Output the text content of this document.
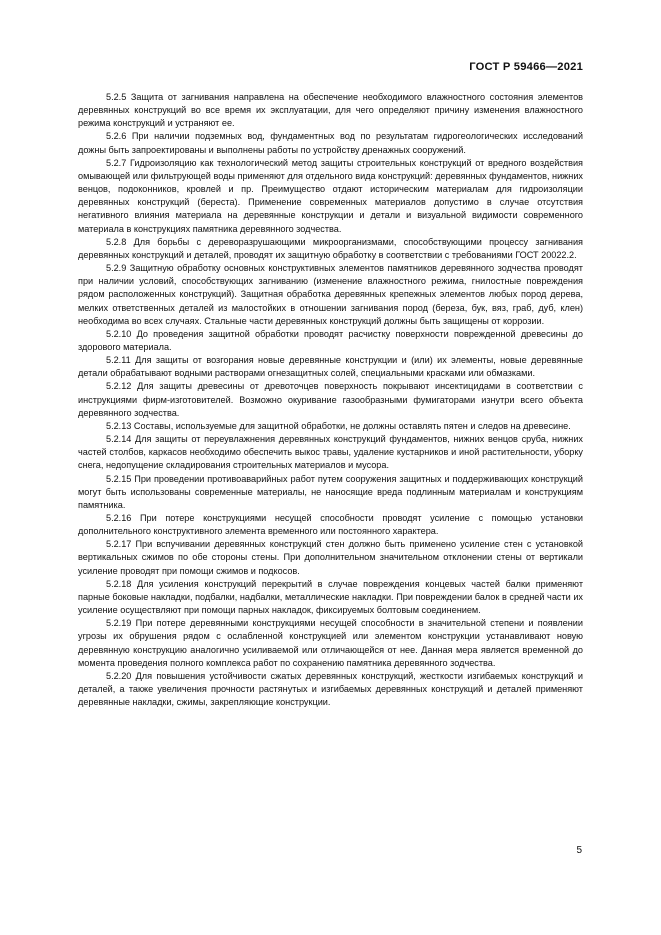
ГОСТ Р 59466—2021

5.2.5 Защита от загнивания направлена на обеспечение необходимого влажностного состояния элементов деревянных конструкций во все время их эксплуатации, для чего определяют причину изменения влажностного режима конструкций и устраняют ее.

5.2.6 При наличии подземных вод, фундаментных вод по результатам гидрогеологических исследований дожны быть запроектированы и выполнены работы по устройству дренажных сооружений.

5.2.7 Гидроизоляцию как технологический метод защиты строительных конструкций от вредного воздействия омывающей или фильтрующей воды применяют для отдельного вида конструкций: деревянных фундаментов, нижних венцов, подоконников, кровлей и пр. Преимущество отдают историческим материалам для гидроизоляции деревянных конструкций (береста). Применение современных материалов допустимо в случае отсутствия негативного влияния материала на деревянные конструкции и детали и визуальной видимости современного материала в конструкциях памятника деревянного зодчества.

5.2.8 Для борьбы с дереворазрушающими микроорганизмами, способствующими процессу загнивания деревянных конструкций и деталей, проводят их защитную обработку в соответствии с требованиями ГОСТ 20022.2.

5.2.9 Защитную обработку основных конструктивных элементов памятников деревянного зодчества проводят при наличии условий, способствующих загниванию (изменение влажностного режима, гнилостные повреждения рядом расположенных конструкций). Защитная обработка деревянных крепежных элементов любых пород дерева, мелких ответственных деталей из малостойких в отношении загнивания пород (береза, бук, вяз, граб, дуб, клен) необходима во всех случаях. Стальные части деревянных конструкций должны быть защищены от коррозии.

5.2.10 До проведения защитной обработки проводят расчистку поверхности поврежденной древесины до здорового материала.

5.2.11 Для защиты от возгорания новые деревянные конструкции и (или) их элементы, новые деревянные детали обрабатывают водными растворами огнезащитных солей, специальными красками или обмазками.

5.2.12 Для защиты древесины от древоточцев поверхность покрывают инсектицидами в соответствии с инструкциями фирм-изготовителей. Возможно окуривание газообразными фумигаторами изнутри всего объекта деревянного зодчества.

5.2.13 Составы, используемые для защитной обработки, не должны оставлять пятен и следов на древесине.

5.2.14 Для защиты от переувлажнения деревянных конструкций фундаментов, нижних венцов сруба, нижних частей столбов, каркасов необходимо обеспечить выкос травы, удаление кустарников и иной растительности, уборку снега, недопущение складирования строительных материалов и мусора.

5.2.15 При проведении противоаварийных работ путем сооружения защитных и поддерживающих конструкций могут быть использованы современные материалы, не наносящие вреда подлинным материалам и конструкциям памятника.

5.2.16 При потере конструкциями несущей способности проводят усиление с помощью установки дополнительного конструктивного элемента временного или постоянного характера.

5.2.17 При вспучивании деревянных конструкций стен должно быть применено усиление стен с установкой вертикальных сжимов по обе стороны стены. При дополнительном значительном отклонении стены от вертикали усиление проводят при помощи сжимов и подкосов.

5.2.18 Для усиления конструкций перекрытий в случае повреждения концевых частей балки применяют парные боковые накладки, подбалки, надбалки, металлические накладки. При повреждении балок в средней части их усиление осуществляют при помощи парных накладок, фиксируемых болтовым соединением.

5.2.19 При потере деревянными конструкциями несущей способности в значительной степени и появлении угрозы их обрушения рядом с ослабленной конструкцией или элементом конструкции устанавливают новую деревянную конструкцию аналогично усиливаемой или отличающейся от нее. Данная мера является временной до момента проведения полного комплекса работ по сохранению памятника деревянного зодчества.

5.2.20 Для повышения устойчивости сжатых деревянных конструкций, жесткости изгибаемых конструкций и деталей, а также увеличения прочности растянутых и изгибаемых деревянных конструкций и деталей применяют деревянные накладки, сжимы, закрепляющие конструкции.

5
